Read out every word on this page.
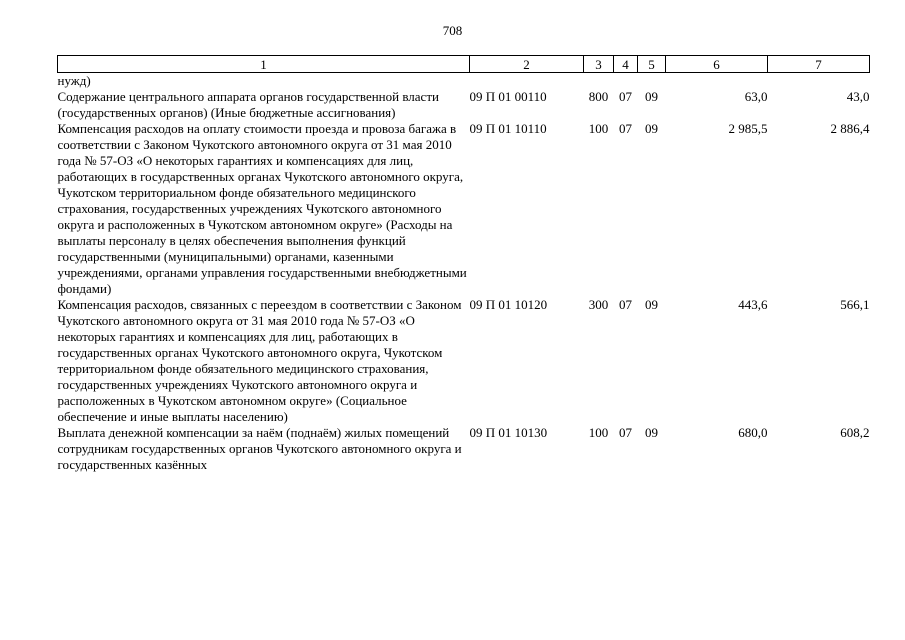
708
1	2	3	4	5	6	7
нужд)						
Содержание центрального аппарата органов государственной власти (государственных органов) (Иные бюджетные ассигнования)	09 П 01 00110	800	07	09	63,0	43,0
Компенсация расходов на оплату стоимости проезда и провоза багажа в соответствии с Законом Чукотского автономного округа от 31 мая 2010 года № 57-ОЗ «О некоторых гарантиях и компенсациях для лиц, работающих в государственных органах Чукотского автономного округа, Чукотском территориальном фонде обязательного медицинского страхования, государственных учреждениях Чукотского автономного округа и расположенных в Чукотском автономном округе» (Расходы на выплаты персоналу в целях обеспечения выполнения функций государственными (муниципальными) органами, казенными учреждениями, органами управления государственными внебюджетными фондами)	09 П 01 10110	100	07	09	2 985,5	2 886,4
Компенсация расходов, связанных с переездом в соответствии с Законом Чукотского автономного округа от 31 мая 2010 года № 57-ОЗ «О некоторых гарантиях и компенсациях для лиц, работающих в государственных органах Чукотского автономного округа, Чукотском территориальном фонде обязательного медицинского страхования, государственных учреждениях Чукотского автономного округа и расположенных в Чукотском автономном округе» (Социальное обеспечение и иные выплаты населению)	09 П 01 10120	300	07	09	443,6	566,1
Выплата денежной компенсации за наём (поднаём) жилых помещений сотрудникам государственных органов Чукотского автономного округа и государственных казённых	09 П 01 10130	100	07	09	680,0	608,2
